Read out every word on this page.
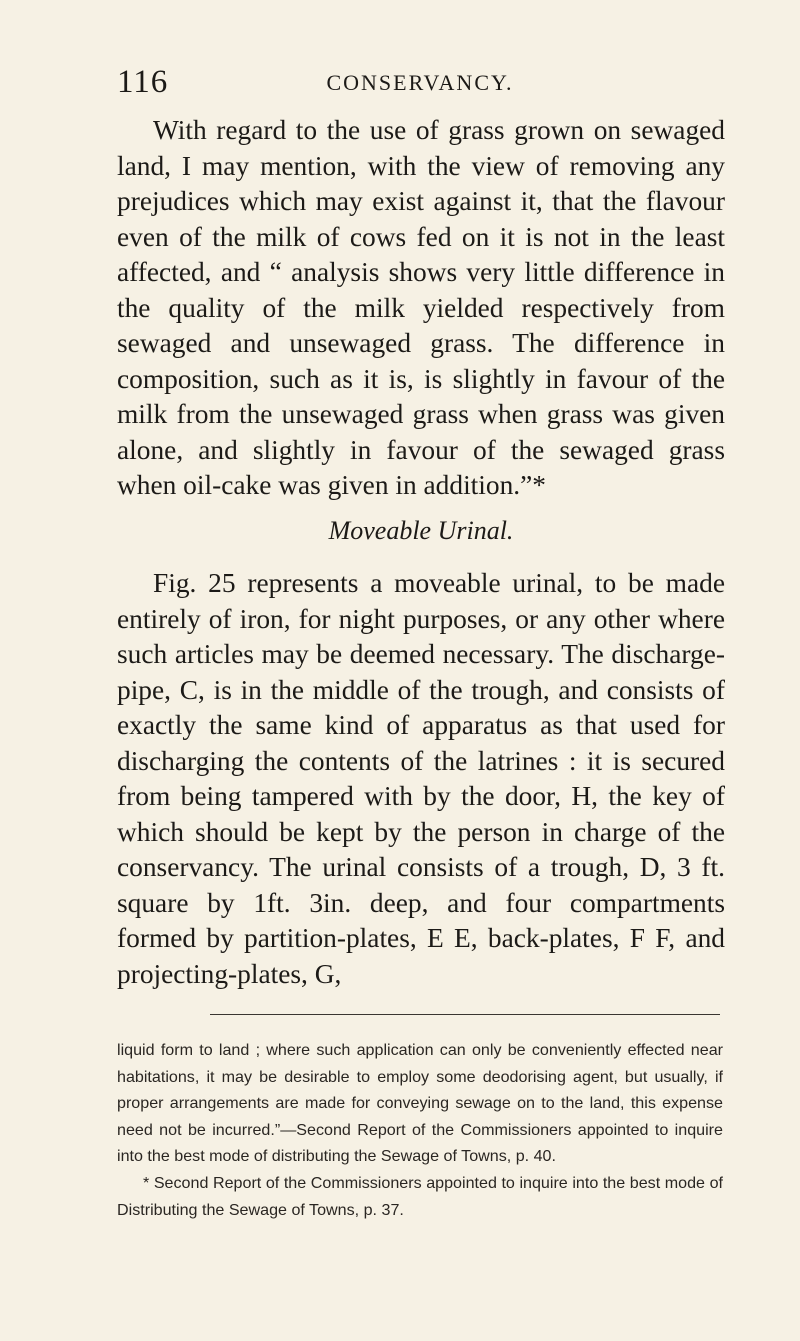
116	CONSERVANCY.

With regard to the use of grass grown on sewaged land, I may mention, with the view of removing any prejudices which may exist against it, that the flavour even of the milk of cows fed on it is not in the least affected, and “ analysis shows very little difference in the quality of the milk yielded respectively from sewaged and unsewaged grass. The difference in composition, such as it is, is slightly in favour of the milk from the unsewaged grass when grass was given alone, and slightly in favour of the sewaged grass when oil-cake was given in addition.”*

Moveable Urinal.

Fig. 25 represents a moveable urinal, to be made entirely of iron, for night purposes, or any other where such articles may be deemed necessary. The discharge-pipe, C, is in the middle of the trough, and consists of exactly the same kind of apparatus as that used for discharging the contents of the latrines : it is secured from being tampered with by the door, H, the key of which should be kept by the person in charge of the conservancy. The urinal consists of a trough, D, 3 ft. square by 1ft. 3in. deep, and four compartments formed by partition-plates, E E, back-plates, F F, and projecting-plates, G,

liquid form to land ; where such application can only be conveniently effected near habitations, it may be desirable to employ some deodorising agent, but usually, if proper arrangements are made for conveying sewage on to the land, this expense need not be incurred.”—Second Report of the Commissioners appointed to inquire into the best mode of distributing the Sewage of Towns, p. 40.

* Second Report of the Commissioners appointed to inquire into the best mode of Distributing the Sewage of Towns, p. 37.
